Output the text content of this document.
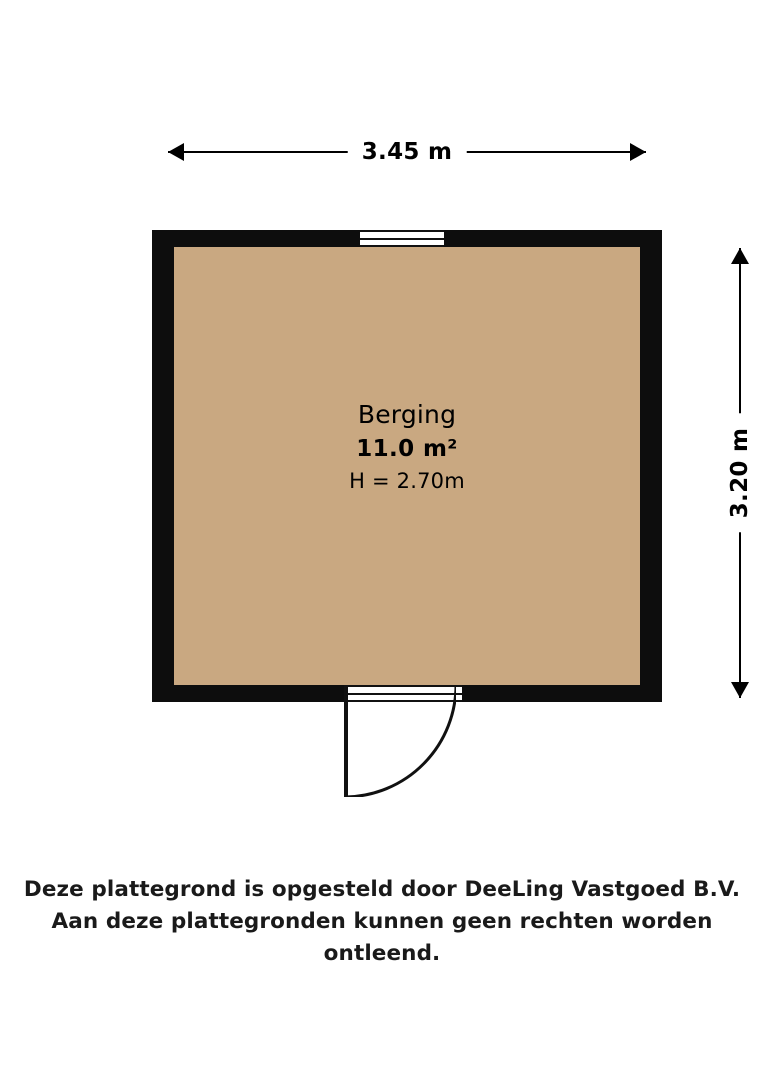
3.45 m
3.20 m
Berging
11.0 m²
H = 2.70m
Deze plattegrond is opgesteld door DeeLing Vastgoed B.V.
Aan deze plattegronden kunnen geen rechten worden ontleend.
